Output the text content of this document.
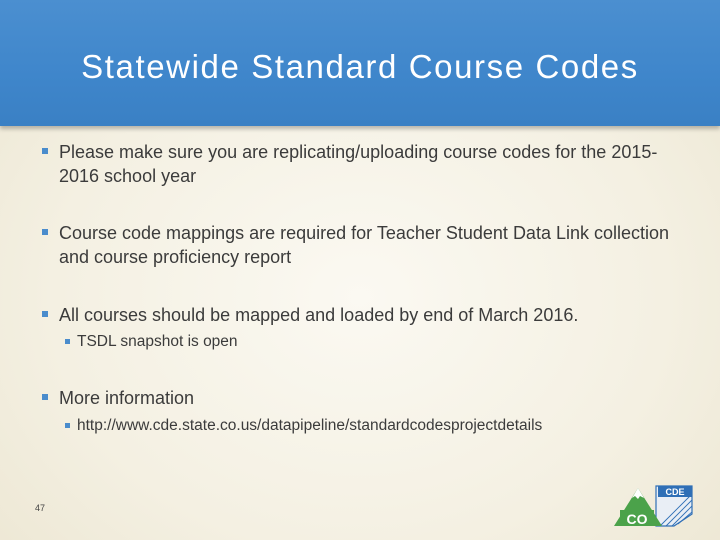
Statewide Standard Course Codes
Please make sure you are replicating/uploading course codes for the 2015-2016 school year
Course code mappings are required for Teacher Student Data Link collection and course proficiency report
All courses should be mapped and loaded by end of March 2016.
TSDL snapshot is open
More information
http://www.cde.state.co.us/datapipeline/standardcodesprojectdetails
47
CDE
CO
